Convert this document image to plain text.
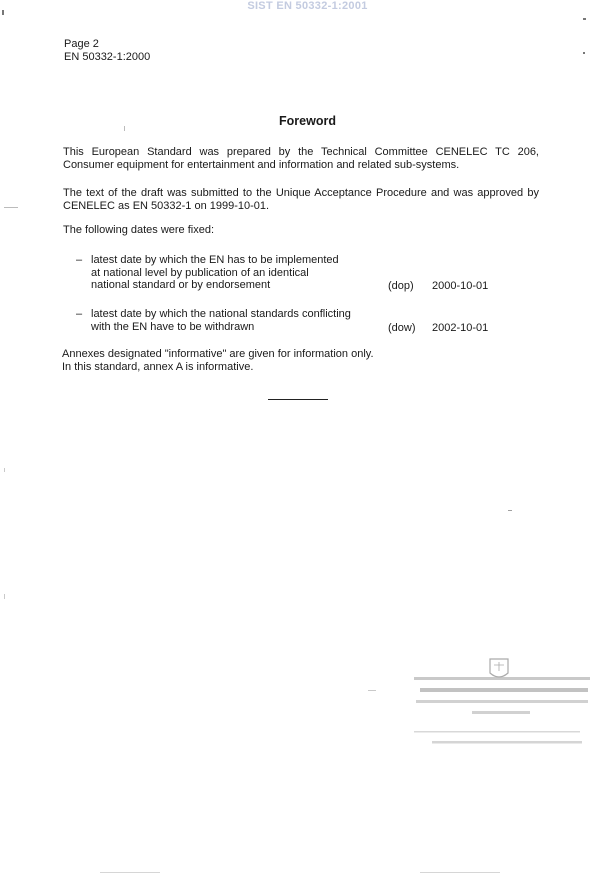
SIST EN 50332-1:2001
Page 2
EN 50332-1:2000
Foreword
This European Standard was prepared by the Technical Committee CENELEC TC 206, Consumer equipment for entertainment and information and related sub-systems.
The text of the draft was submitted to the Unique Acceptance Procedure and was approved by CENELEC as EN 50332-1 on 1999-10-01.
The following dates were fixed:
– latest date by which the EN has to be implemented
at national level by publication of an identical
national standard or by endorsement	(dop) 2000-10-01
– latest date by which the national standards conflicting
with the EN have to be withdrawn	(dow) 2002-10-01
Annexes designated "informative" are given for information only.
In this standard, annex A is informative.
